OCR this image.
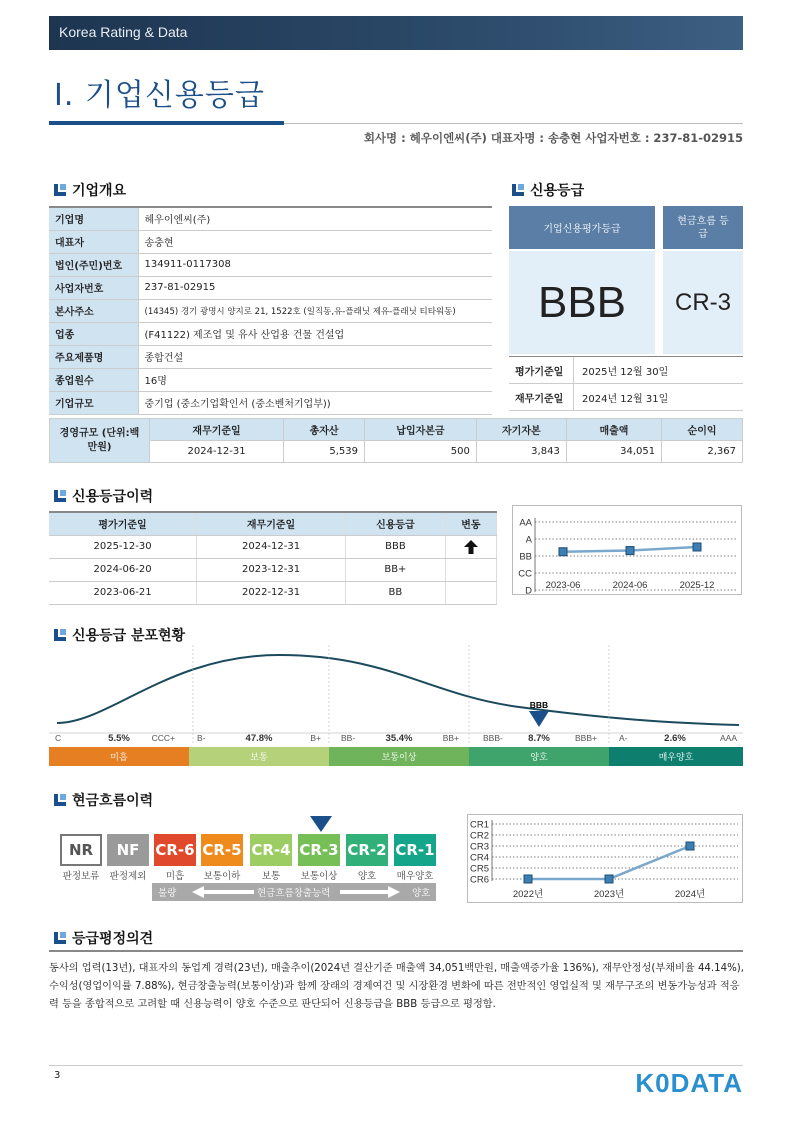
Korea Rating & Data
Ⅰ. 기업신용등급
회사명 : 헤우이엔씨(주) 대표자명 : 송충현 사업자번호 : 237-81-02915
기업개요
기업명	헤우이엔씨(주)
대표자	송충현
법인(주민)번호	134911-0117308
사업자번호	237-81-02915
본사주소	(14345) 경기 광명시 양지로 21, 1522호 (일직동,유-플래닛 제유-플래닛 티타워동)
업종	(F41122) 제조업 및 유사 산업용 건물 건설업
주요제품명	종합건설
종업원수	16명
기업규모	중기업 (중소기업확인서 (중소벤처기업부))
신용등급
기업신용평가등급
현금흐름 등급
BBB	CR-3
평가기준일	2025년 12월 30일
재무기준일	2024년 12월 31일
경영규모 (단위:백만원)	재무기준일	총자산	납입자본금	자기자본	매출액	순이익
	2024-12-31	5,539	500	3,843	34,051	2,367
신용등급이력
평가기준일	재무기준일	신용등급	변동
2025-12-30	2024-12-31	BBB	
2024-06-20	2023-12-31	BB+	
2023-06-21	2022-12-31	BB	
AA
A
BB
CC
D 2023-06	2024-06	2025-12
신용등급 분포현황
BBB
C	CCC+	B-	B+ BB-	BB+	BBB-	BBB+	A-	AAA
5.5%	47.8%	35.4%	8.7%	2.6%
미흡	보통	보통이상	양호	매우양호
현금흐름이력
NR
판정보류
NF
판정제외
CR-6
미흡
CR-5
보통이하
CR-4
보통
CR-3
보통이상
CR-2
양호
CR-1
매우양호
불량	현금흐름창출능력	양호
CR1
CR2
CR3
CR4
CR5
CR6
2022년	2023년	2024년
등급평정의견
동사의 업력(13년), 대표자의 동업계 경력(23년), 매출추이(2024년 결산기준 매출액 34,051백만원, 매출액증가율 136%), 재무안정성(부채비율 44.14%), 수익성(영업이익률 7.88%), 현금창출능력(보통이상)과 함께 장래의 경제여건 및 시장환경 변화에 따른 전반적인 영업실적 및 재무구조의 변동가능성과 적응력 등을 종합적으로 고려할 때 신용능력이 양호 수준으로 판단되어 신용등급을 BBB 등급으로 평정함.
3	K0DATA
